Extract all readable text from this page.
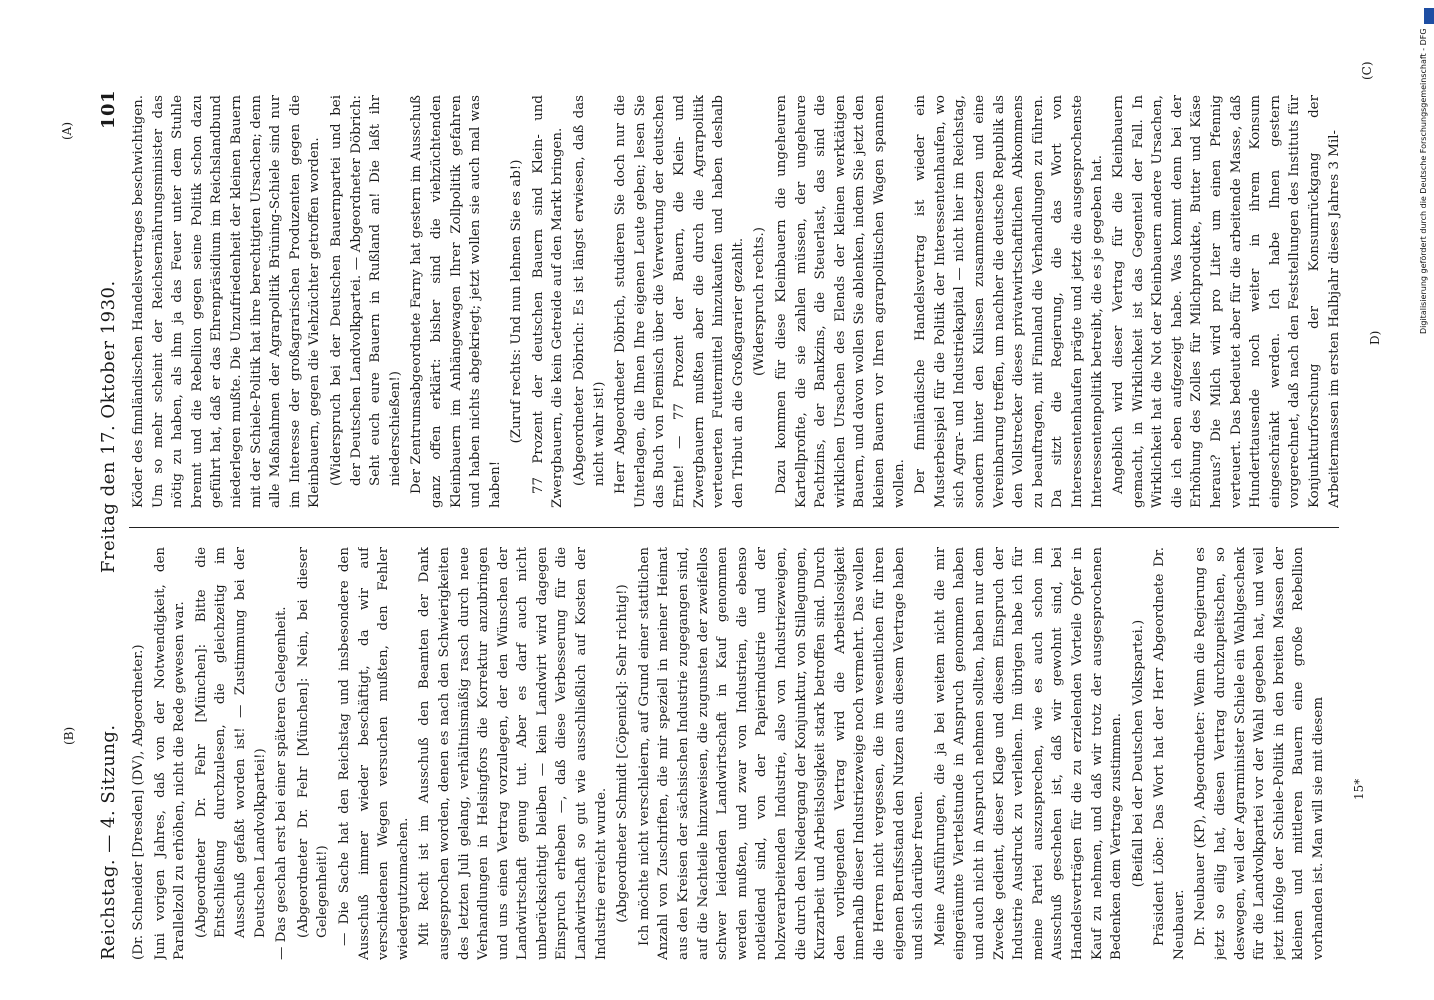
Reichstag. — 4. Sitzung.
Freitag den 17. Oktober 1930.
101

(Dr. Schneider [Dresden] (DV), Abgeordneter.) Juni vorigen Jahres, daß von der Notwendigkeit, den Parallelzoll zu erhöhen, nicht die Rede gewesen war. (Abgeordneter Dr. Fehr [München]: Bitte die Entschließung durchzulesen, die gleichzeitig im Ausschuß gefaßt worden ist! — Zustimmung bei der Deutschen Landvolkpartei!) — Das geschah erst bei einer späteren Gelegenheit. (Abgeordneter Dr. Fehr [München]: Nein, bei dieser Gelegenheit!) — Die Sache hat den Reichstag und insbesondere den Ausschuß immer wieder beschäftigt, da wir auf verschiedenen Wegen versuchen mußten, den Fehler wiedergutzumachen. Mit Recht ist im Ausschuß den Beamten der Dank ausgesprochen worden, denen es nach den Schwierigkeiten des letzten Juli gelang, verhältnismäßig rasch durch neue Verhandlungen in Helsingfors die Korrektur anzubringen und uns einen Vertrag vorzulegen, der den Wünschen der Landwirtschaft genug tut. Aber es darf auch nicht unberücksichtigt bleiben — kein Landwirt wird dagegen Einspruch erheben —, daß diese Verbesserung für die Landwirtschaft so gut wie ausschließlich auf Kosten der Industrie erreicht wurde. (Abgeordneter Schmidt [Cöpenick]: Sehr richtig!) Ich möchte nicht verschleiern, auf Grund einer stattlichen Anzahl von Zuschriften, die mir speziell in meiner Heimat aus den Kreisen der sächsischen Industrie zugegangen sind, auf die Nachteile hinzuweisen, die zugunsten der zweifellos schwer leidenden Landwirtschaft in Kauf genommen werden mußten, und zwar von Industrien, die ebenso notleidend sind, von der Papierindustrie und der holzverarbeitenden Industrie, also von Industriezweigen, die durch den Niedergang der Konjunktur, von Stillegungen, Kurzarbeit und Arbeitslosigkeit stark betroffen sind. Durch den vorliegenden Vertrag wird die Arbeitslosigkeit innerhalb dieser Industriezweige noch vermehrt. Das wollen die Herren nicht vergessen, die im wesentlichen für ihren eigenen Berufsstand den Nutzen aus diesem Vertrage haben und sich darüber freuen. Meine Ausführungen, die ja bei weitem nicht die mir eingeräumte Viertelstunde in Anspruch genommen haben und auch nicht in Anspruch nehmen sollten, haben nur dem Zwecke gedient, dieser Klage und diesem Einspruch der Industrie Ausdruck zu verleihen. Im übrigen habe ich für meine Partei auszusprechen, wie es auch schon im Ausschuß geschehen ist, daß wir gewohnt sind, bei Handelsverträgen für die zu erzielenden Vorteile Opfer in Kauf zu nehmen, und daß wir trotz der ausgesprochenen Bedenken dem Vertrage zustimmen. (Beifall bei der Deutschen Volkspartei.) Präsident Löbe: Das Wort hat der Herr Abgeordnete Dr. Neubauer. Dr. Neubauer (KP), Abgeordneter: Wenn die Regierung es jetzt so eilig hat, diesen Vertrag durchzupeitschen, so deswegen, weil der Agrarminister Schiele ein Wahlgeschenk für die Landvolkpartei vor der Wahl gegeben hat, und weil jetzt infolge der Schiele-Politik in den breiten Massen der kleinen und mittleren Bauern eine große Rebellion vorhanden ist. Man will sie mit diesem

Köder des finnländischen Handelsvertrages beschwichtigen. Um so mehr scheint der Reichsernährungsminister das nötig zu haben, als ihm ja das Feuer unter dem Stuhle brennt und die Rebellion gegen seine Politik schon dazu geführt hat, daß er das Ehrenpräsidium im Reichslandbund niederlegen mußte. Die Unzufriedenheit der kleinen Bauern mit der Schiele-Politik hat ihre berechtigten Ursachen; denn alle Maßnahmen der Agrarpolitik Brüning-Schiele sind nur im Interesse der großagrarischen Produzenten gegen die Kleinbauern, gegen die Viehzüchter getroffen worden. (Widerspruch bei der Deutschen Bauernpartei und bei der Deutschen Landvolkpartei. — Abgeordneter Döbrich: Seht euch eure Bauern in Rußland an! Die laßt ihr niederschießen!) Der Zentrumsabgeordnete Farny hat gestern im Ausschuß ganz offen erklärt: bisher sind die viehzüchtenden Kleinbauern im Anhängewagen Ihrer Zollpolitik gefahren und haben nichts abgekriegt; jetzt wollen sie auch mal was haben!

(Zuruf rechts: Und nun lehnen Sie es ab!) 77 Prozent der deutschen Bauern sind Klein- und Zwergbauern, die kein Getreide auf den Markt bringen. (Abgeordneter Döbrich: Es ist längst erwiesen, daß das nicht wahr ist!) Herr Abgeordneter Döbrich, studieren Sie doch nur die Unterlagen, die Ihnen Ihre eigenen Leute geben; lesen Sie das Buch von Flemisch über die Verwertung der deutschen Ernte! — 77 Prozent der Bauern, die Klein- und Zwergbauern mußten aber die durch die Agrarpolitik verteuerten Futtermittel hinzukaufen und haben deshalb den Tribut an die Großagrarier gezahlt. (Widerspruch rechts.) Dazu kommen für diese Kleinbauern die ungeheuren Kartellprofite, die sie zahlen müssen, der ungeheure Pachtzins, der Bankzins, die Steuerlast, das sind die wirklichen Ursachen des Elends der kleinen werktätigen Bauern, und davon wollen Sie ablenken, indem Sie jetzt den kleinen Bauern vor Ihren agrarpolitischen Wagen spannen wollen. Der finnländische Handelsvertrag ist wieder ein Musterbeispiel für die Politik der Interessentenhaufen, wo sich Agrar- und Industriekapital — nicht hier im Reichstag, sondern hinter den Kulissen zusammensetzen und eine Vereinbarung treffen, um nachher die deutsche Republik als den Vollstrecker dieses privatwirtschaftlichen Abkommens zu beauftragen, mit Finnland die Verhandlungen zu führen. Da sitzt die Regierung, die das Wort von Interessentenhaufen prägte und jetzt die ausgesprochenste Interessentenpolitik betreibt, die es je gegeben hat. Angeblich wird dieser Vertrag für die Kleinbauern gemacht, in Wirklichkeit ist das Gegenteil der Fall. In Wirklichkeit hat die Not der Kleinbauern andere Ursachen, die ich eben aufgezeigt habe. Was kommt denn bei der Erhöhung des Zolles für Milchprodukte, Butter und Käse heraus? Die Milch wird pro Liter um einen Pfennig verteuert. Das bedeutet aber für die arbeitende Masse, daß Hunderttausende noch weiter in ihrem Konsum eingeschränkt werden. Ich habe Ihnen gestern vorgerechnet, daß nach den Feststellungen des Instituts für Konjunkturforschung der Konsumrückgang der Arbeitermassen im ersten Halbjahr dieses Jahres 3 Mil-

(A)
(B)
(C)
D)
15*
Digitalisierung gefördert durch die Deutsche Forschungsgemeinschaft - DFG
